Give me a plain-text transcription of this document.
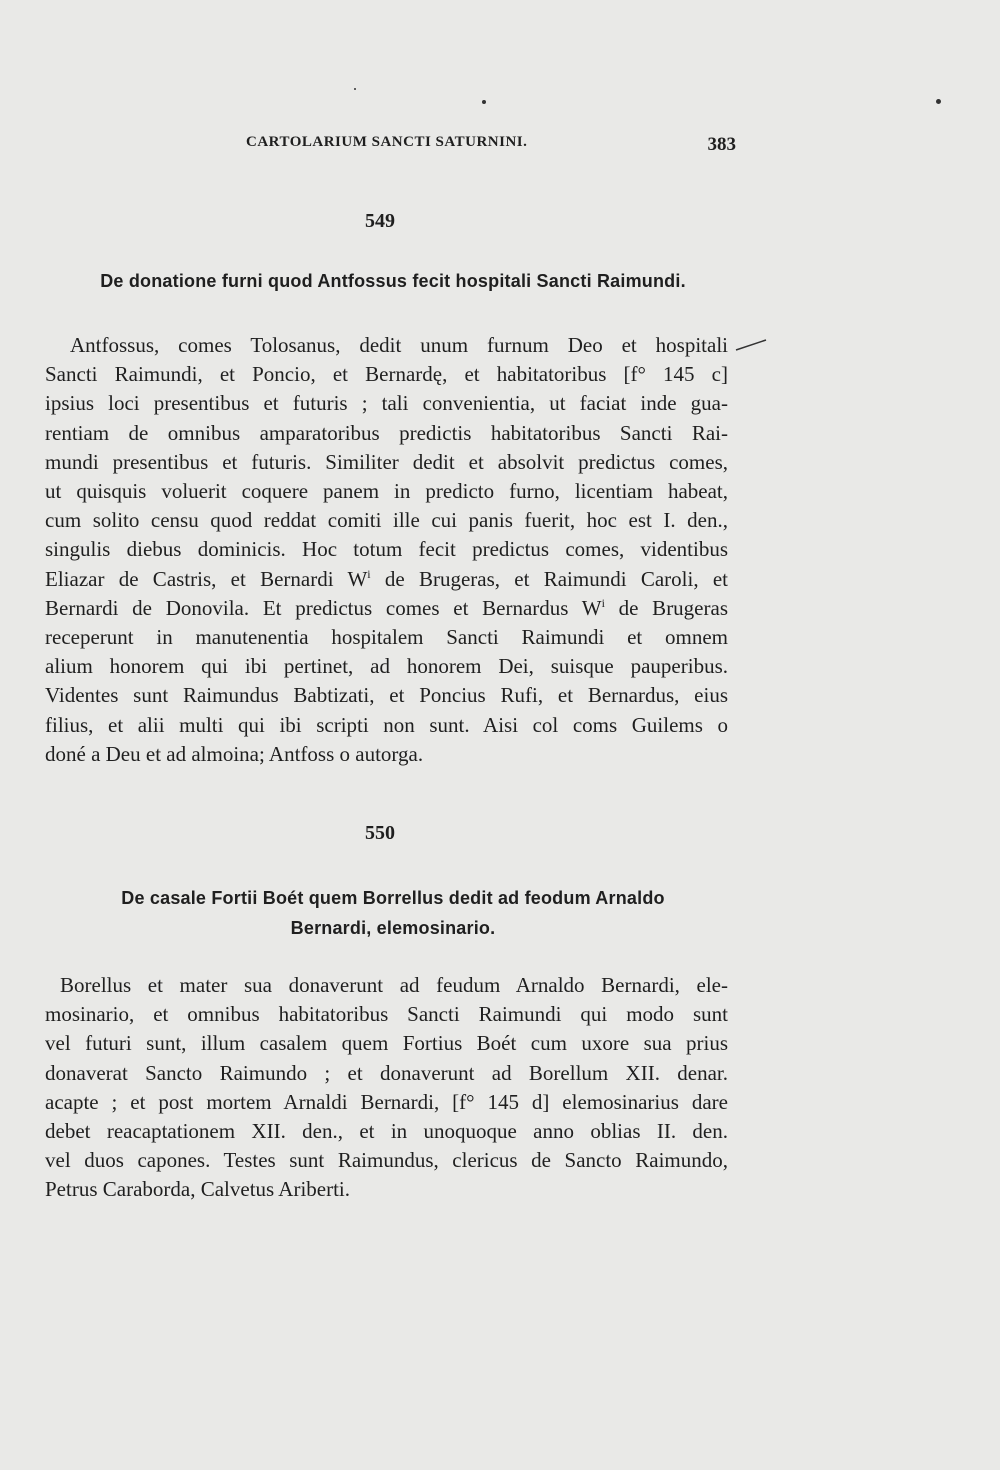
CARTOLARIUM SANCTI SATURNINI.	383
549
De donatione furni quod Antfossus fecit hospitali Sancti Raimundi.
Antfossus, comes Tolosanus, dedit unum furnum Deo et hospitali
Sancti Raimundi, et Poncio, et Bernardę, et habitatoribus [f° 145 c]
ipsius loci presentibus et futuris ; tali convenientia, ut faciat inde gua-
rentiam de omnibus amparatoribus predictis habitatoribus Sancti Rai-
mundi presentibus et futuris. Similiter dedit et absolvit predictus comes,
ut quisquis voluerit coquere panem in predicto furno, licentiam habeat,
cum solito censu quod reddat comiti ille cui panis fuerit, hoc est I. den.,
singulis diebus dominicis. Hoc totum fecit predictus comes, videntibus
Eliazar de Castris, et Bernardi $W^i$ de Brugeras, et Raimundi Caroli, et
Bernardi de Donovila. Et predictus comes et Bernardus $W^i$ de Brugeras
receperunt in manutenentia hospitalem Sancti Raimundi et omnem
alium honorem qui ibi pertinet, ad honorem Dei, suisque pauperibus.
Videntes sunt Raimundus Babtizati, et Poncius Rufi, et Bernardus, eius
filius, et alii multi qui ibi scripti non sunt. Aisi col coms Guilems o
doné a Deu et ad almoina; Antfoss o autorga.
550
De casale Fortii Boét quem Borrellus dedit ad feodum Arnaldo
Bernardi, elemosinario.
Borellus et mater sua donaverunt ad feudum Arnaldo Bernardi, ele-
mosinario, et omnibus habitatoribus Sancti Raimundi qui modo sunt
vel futuri sunt, illum casalem quem Fortius Boét cum uxore sua prius
donaverat Sancto Raimundo ; et donaverunt ad Borellum XII. denar.
acapte ; et post mortem Arnaldi Bernardi, [f° 145 d] elemosinarius dare
debet reacaptationem XII. den., et in unoquoque anno oblias II. den.
vel duos capones. Testes sunt Raimundus, clericus de Sancto Raimundo,
Petrus Caraborda, Calvetus Ariberti.
